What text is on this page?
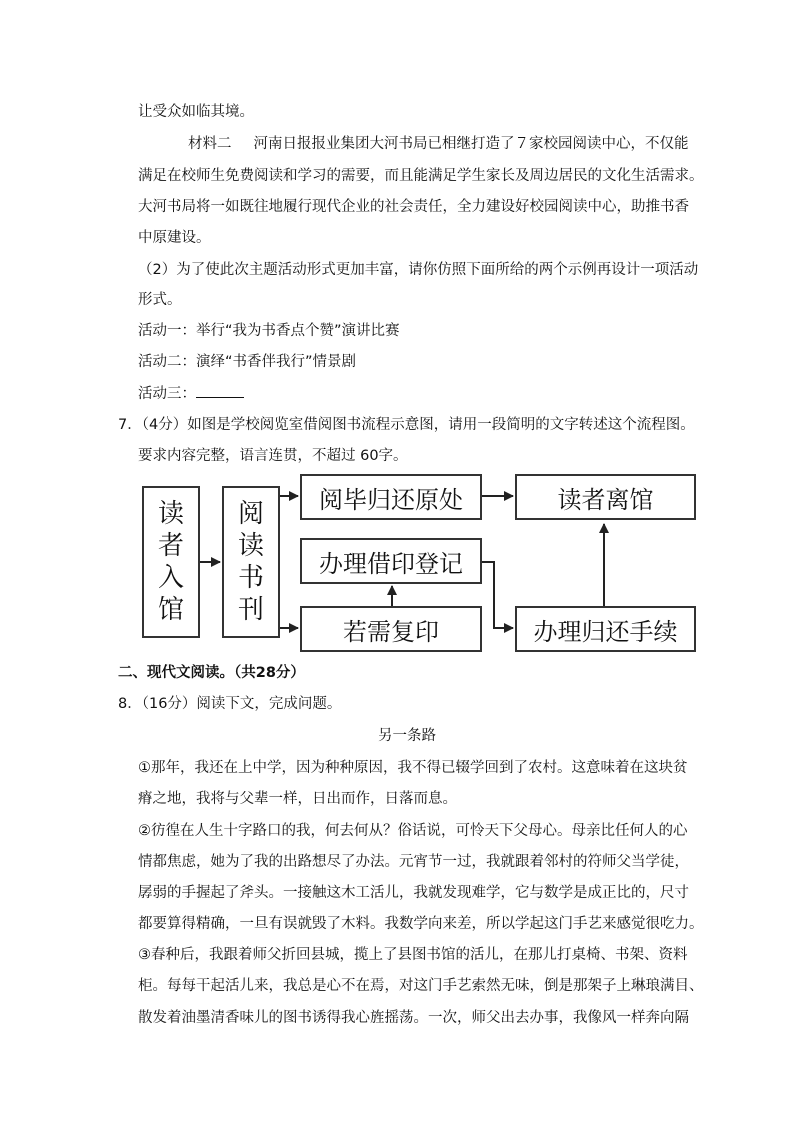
让受众如临其境。
材料二 河南日报报业集团大河书局已相继打造了７家校园阅读中心，不仅能
满足在校师生免费阅读和学习的需要，而且能满足学生家长及周边居民的文化生活需求。
大河书局将一如既往地履行现代企业的社会责任，全力建设好校园阅读中心，助推书香
中原建设。
（2）为了使此次主题活动形式更加丰富，请你仿照下面所给的两个示例再设计一项活动
形式。
活动一：举行“我为书香点个赞”演讲比赛
活动二：演绎“书香伴我行”情景剧
活动三：
7．（4分）如图是学校阅览室借阅图书流程示意图，请用一段简明的文字转述这个流程图。
要求内容完整，语言连贯，不超过 60字。
读
者
入
馆
阅
读
书
刊
阅毕归还原处	读者离馆
办理借印登记
若需复印	办理归还手续
二、现代文阅读。（共28分）
8．（16分）阅读下文，完成问题。
另一条路
①那年，我还在上中学，因为种种原因，我不得已辍学回到了农村。这意味着在这块贫
瘠之地，我将与父辈一样，日出而作，日落而息。
②彷徨在人生十字路口的我，何去何从？俗话说，可怜天下父母心。母亲比任何人的心
情都焦虑，她为了我的出路想尽了办法。元宵节一过，我就跟着邻村的符师父当学徒，
孱弱的手握起了斧头。一接触这木工活儿，我就发现难学，它与数学是成正比的，尺寸
都要算得精确，一旦有误就毁了木料。我数学向来差，所以学起这门手艺来感觉很吃力。
③春种后，我跟着师父折回县城，揽上了县图书馆的活儿，在那儿打桌椅、书架、资料
柜。每每干起活儿来，我总是心不在焉，对这门手艺索然无味，倒是那架子上琳琅满目、
散发着油墨清香味儿的图书诱得我心旌摇荡。一次，师父出去办事，我像风一样奔向隔
